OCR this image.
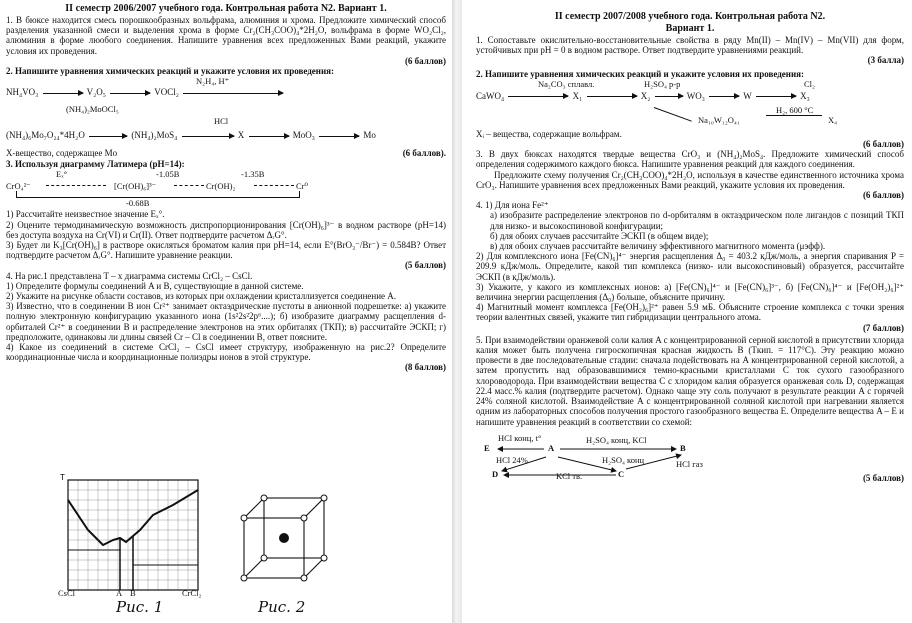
II семестр 2006/2007 учебного года. Контрольная работа N2. Вариант 1.

1. В бюксе находится смесь порошкообразных вольфрама, алюминия и хрома. Предложите химический способ разделения указанной смеси и выделения хрома в форме Cr₂(CH₃COO)₄*2H₂O, вольфрама в форме WO₂Cl₂, алюминия в форме люобого соединения. Напишите уравнения всех предложенных Вами реакций, укажите условия их проведения.

(6 баллов)

2. Напишите уравнения химических реакций и укажите условия их проведения:

N₂H₄, H⁺
NH₄VO₃	V₂O₅	VOCl₂
(NH₄)₂MoOCl₅
HCl
(NH₄)₆Mo₇O₂₄*4H₂O	(NH₄)₂MoS₄	X	MoO₃	Mo
X-вещество, содержащее Mo	(6 баллов).

3. Используя диаграмму Латимера (pH=14):

Eₓ°	-1.05B	-1.35B
CrO₄²⁻	[Cr(OH)₆]³⁻	Cr(OH)₂	Cr⁰
-0.68B

1) Рассчитайте неизвестное значение Eₓ°.

2) Оцените термодинамическую возможность диспропорционирования [Cr(OH)₆]³⁻ в водном растворе (pH=14) без доступа воздуха на Cr(VI) и Cr(II). Ответ подтвердите расчетом ΔᵣG°.

3) Будет ли K₃[Cr(OH)₆] в растворе окисляться броматом калия при pH=14, если E°(BrO₃⁻/Br⁻) = 0.584B? Ответ подтвердите расчетом ΔᵣG°. Напишите уравнение реакции.

(5 баллов)

4. На рис.1 представлена T – x диаграмма системы CrCl₂ – CsCl.

1) Определите формулы соединений A и B, существующие в данной системе.

2) Укажите на рисунке области составов, из которых при охлаждении кристаллизуется соединение A.

3) Известно, что в соединении B ион Cr²⁺ занимает октаэдрические пустоты в анионной подрешетке: а) укажите полную электронную конфигурацию указанного иона (1s²2s²2p⁶....); б) изобразите диаграмму расщепления d-орбиталей Cr²⁺ в соединении B и распределение электронов на этих орбиталях (ТКП); в) рассчитайте ЭСКП; г) предположите, одинаковы ли длины связей Cr – Cl в соединении B, ответ поясните.

4) Какое из соединений в системе CrCl₂ – CsCl имеет структуру, изображенную на рис.2? Определите координационные числа и координационные полиэдры ионов в этой структуре.

(8 баллов)

T
CsCl	A B	CrCl₂
Рис. 1	Рис. 2
II семестр 2007/2008 учебного года. Контрольная работа N2.
Вариант 1.

1. Сопоставьте окислительно-восстановительные свойства в ряду Mn(II) – Mn(IV) – Mn(VII) для форм, устойчивых при pH = 0 в водном растворе. Ответ подтвердите уравнениями реакций.

(3 балла)

2. Напишите уравнения химических реакций и укажите условия их проведения:

Na₂CO₃ сплавл.	H₂SO₄ р-р	Cl₂
CaWO₄	X₁	X₂	WO₃	W	X₃
Na₁₀W₁₂O₄₁
H₂, 600 °C
X₄

Xᵢ – вещества, содержащие вольфрам.

(6 баллов)

3. В двух бюксах находятся твердые вещества CrO₃ и (NH₄)₂MoS₄. Предложите химический способ определения содержимого каждого бюкса. Напишите уравнения реакций для каждого соединения.

Предложите схему получения Cr₂(CH₃COO)₄*2H₂O, используя в качестве единственного источника хрома CrO₃. Напишите уравнения всех предложенных Вами реакций, укажите условия их проведения.

(6 баллов)

4. 1) Для иона Fe²⁺

а) изобразите распределение электронов по d-орбиталям в октаэдрическом поле лигандов с позиций ТКП для низко- и высокоспиновой конфигурации;

б) для обоих случаев рассчитайте ЭСКП (в общем виде);

в) для обоих случаев рассчитайте величину эффективного магнитного момента (μэфф).

2) Для комплексного иона [Fe(CN)₆]⁴⁻ энергия расщепления Δ₀ = 403.2 кДж/моль, а энергия спаривания P = 209.9 кДж/моль. Определите, какой тип комплекса (низко- или высокоспиновый) образуется, рассчитайте ЭСКП (в кДж/моль).

3) Укажите, у какого из комплексных ионов: а) [Fe(CN)₆]⁴⁻ и [Fe(CN)₆]³⁻, б) [Fe(CN)₆]⁴⁻ и [Fe(OH₂)₆]²⁺ величина энергии расщепления (Δ₀) больше, объясните причину.

4) Магнитный момент комплекса [Fe(OH₂)₆]²⁺ равен 5.9 мБ. Объясните строение комплекса с точки зрения теории валентных связей, укажите тип гибридизации центрального атома.

(7 баллов)

5. При взаимодействии оранжевой соли калия A с концентрированной серной кислотой в присутствии хлорида калия может быть получена гигроскопичная красная жидкость B (Tкип. = 117°C). Эту реакцию можно провести в две последовательные стадии: сначала подействовать на A концентрированной серной кислотой, а затем пропустить над образовавшимися темно-красными кристаллами C ток сухого газообразного хлороводорода. При взаимодействии вещества C с хлоридом калия образуется оранжевая соль D, содержащая 22.4 масс.% калия (подтвердите расчетом). Однако чаще эту соль получают в результате реакции A с горячей 24% соляной кислотой. Взаимодействие A с концентрированной соляной кислотой при нагревании является одним из лабораторных способов получения простого газообразного вещества E. Определите вещества A – E и напишите уравнения реакций в соответствии со схемой:

E	A
C
B
D
HCl конц, t°	H₂SO₄ конц, KCl
HCl 24%	H₂SO₄ конц	HCl газ
KCl тв.	(5 баллов)
